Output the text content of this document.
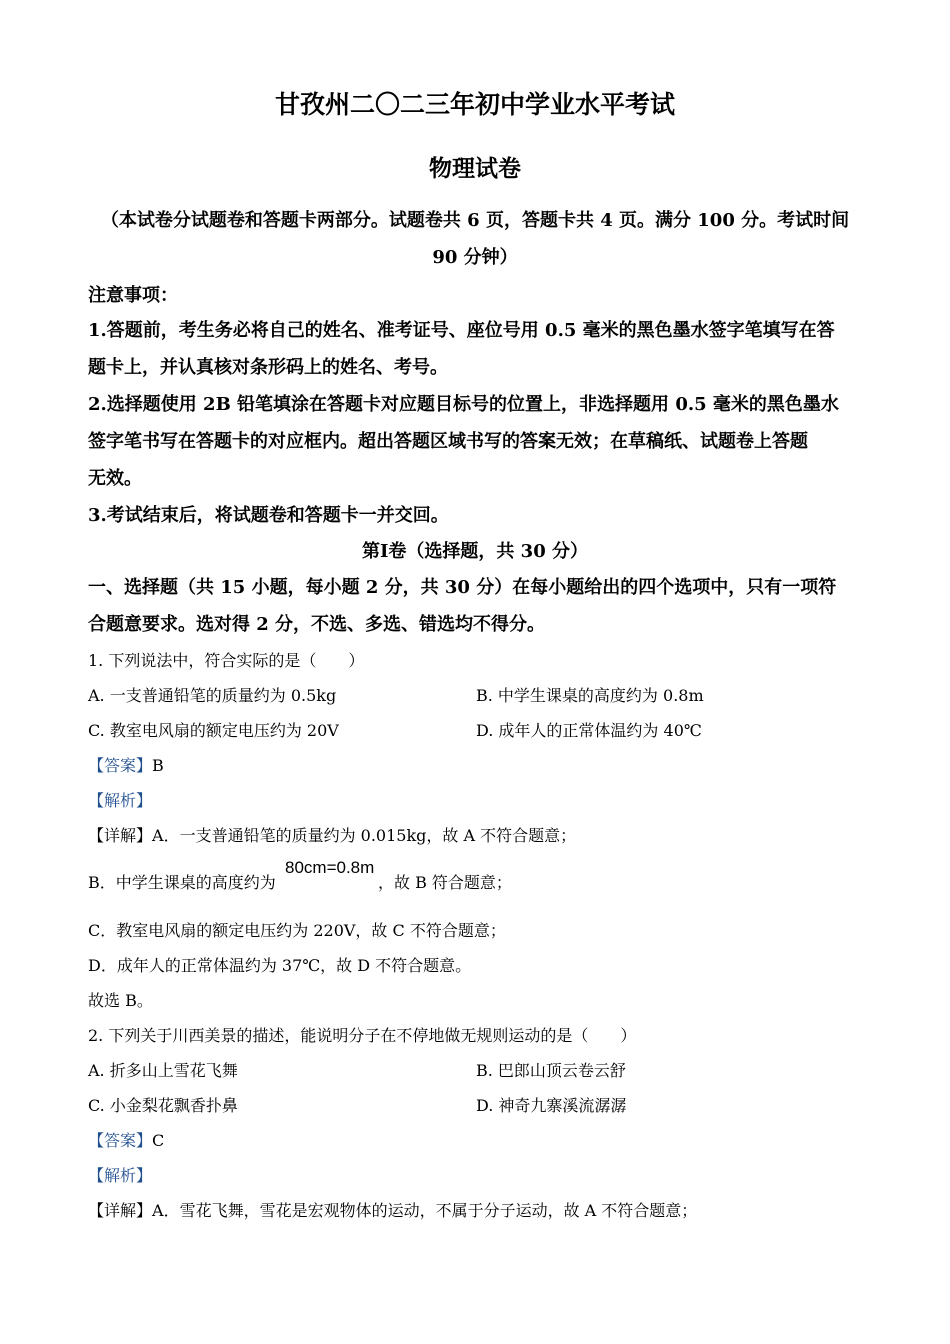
甘孜州二〇二三年初中学业水平考试
物理试卷
（本试卷分试题卷和答题卡两部分。试题卷共 6 页，答题卡共 4 页。满分 100 分。考试时间
90 分钟）
注意事项：
1.答题前，考生务必将自己的姓名、准考证号、座位号用 0.5 毫米的黑色墨水签字笔填写在答
题卡上，并认真核对条形码上的姓名、考号。
2.选择题使用 2B 铅笔填涂在答题卡对应题目标号的位置上，非选择题用 0.5 毫米的黑色墨水
签字笔书写在答题卡的对应框内。超出答题区域书写的答案无效；在草稿纸、试题卷上答题
无效。
3.考试结束后，将试题卷和答题卡一并交回。
第Ⅰ卷（选择题，共 30 分）
一、选择题（共 15 小题，每小题 2 分，共 30 分）在每小题给出的四个选项中，只有一项符
合题意要求。选对得 2 分，不选、多选、错选均不得分。
1. 下列说法中，符合实际的是（　　）
A. 一支普通铅笔的质量约为 0.5kg	B. 中学生课桌的高度约为 0.8m
C. 教室电风扇的额定电压约为 20V	D. 成年人的正常体温约为 40℃
【答案】B
【解析】
【详解】A．一支普通铅笔的质量约为 0.015kg，故 A 不符合题意；
B．中学生课桌的高度约为
80cm=0.8m
，故 B 符合题意；
C．教室电风扇的额定电压约为 220V，故 C 不符合题意；
D．成年人的正常体温约为 37℃，故 D 不符合题意。
故选 B。
2. 下列关于川西美景的描述，能说明分子在不停地做无规则运动的是（　　）
A. 折多山上雪花飞舞	B. 巴郎山顶云卷云舒
C. 小金梨花飘香扑鼻	D. 神奇九寨溪流潺潺
【答案】C
【解析】
【详解】A．雪花飞舞，雪花是宏观物体的运动，不属于分子运动，故 A 不符合题意；
